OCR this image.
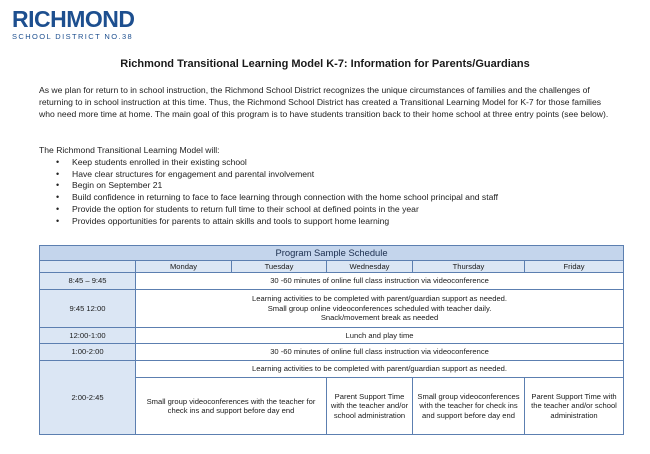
RICHMOND
SCHOOL DISTRICT NO.38
Richmond Transitional Learning Model K-7: Information for Parents/Guardians

As we plan for return to in school instruction, the Richmond School District recognizes the unique circumstances of families and the challenges of returning to in school instruction at this time. Thus, the Richmond School District has created a Transitional Learning Model for K-7 for those families who need more time at home. The main goal of this program is to have students transition back to their home school at three entry points (see below).

The Richmond Transitional Learning Model will:

• Keep students enrolled in their existing school
• Have clear structures for engagement and parental involvement
• Begin on September 21
• Build confidence in returning to face to face learning through connection with the home school principal and staff
• Provide the option for students to return full time to their school at defined points in the year
• Provides opportunities for parents to attain skills and tools to support home learning
Program Sample Schedule					
	Monday	Tuesday	Wednesday	Thursday	Friday
8:45 – 9:45	30 -60 minutes of online full class instruction via videoconference				
9:45 12:00	Learning activities to be completed with parent/guardian support as needed.
Small group online videoconferences scheduled with teacher daily.
Snack/movement break as needed				

12:00-1:00	Lunch and play time				
1:00-2:00	30 -60 minutes of online full class instruction via videoconference				
2:00-2:45	Learning activities to be completed with parent/guardian support as needed.				
	Small group videoconferences with the teacher for check ins and support before day end		Parent Support Time with the teacher and/or school administration	Small group videoconferences with the teacher for check ins and support before day end	Parent Support Time with the teacher and/or school administration
